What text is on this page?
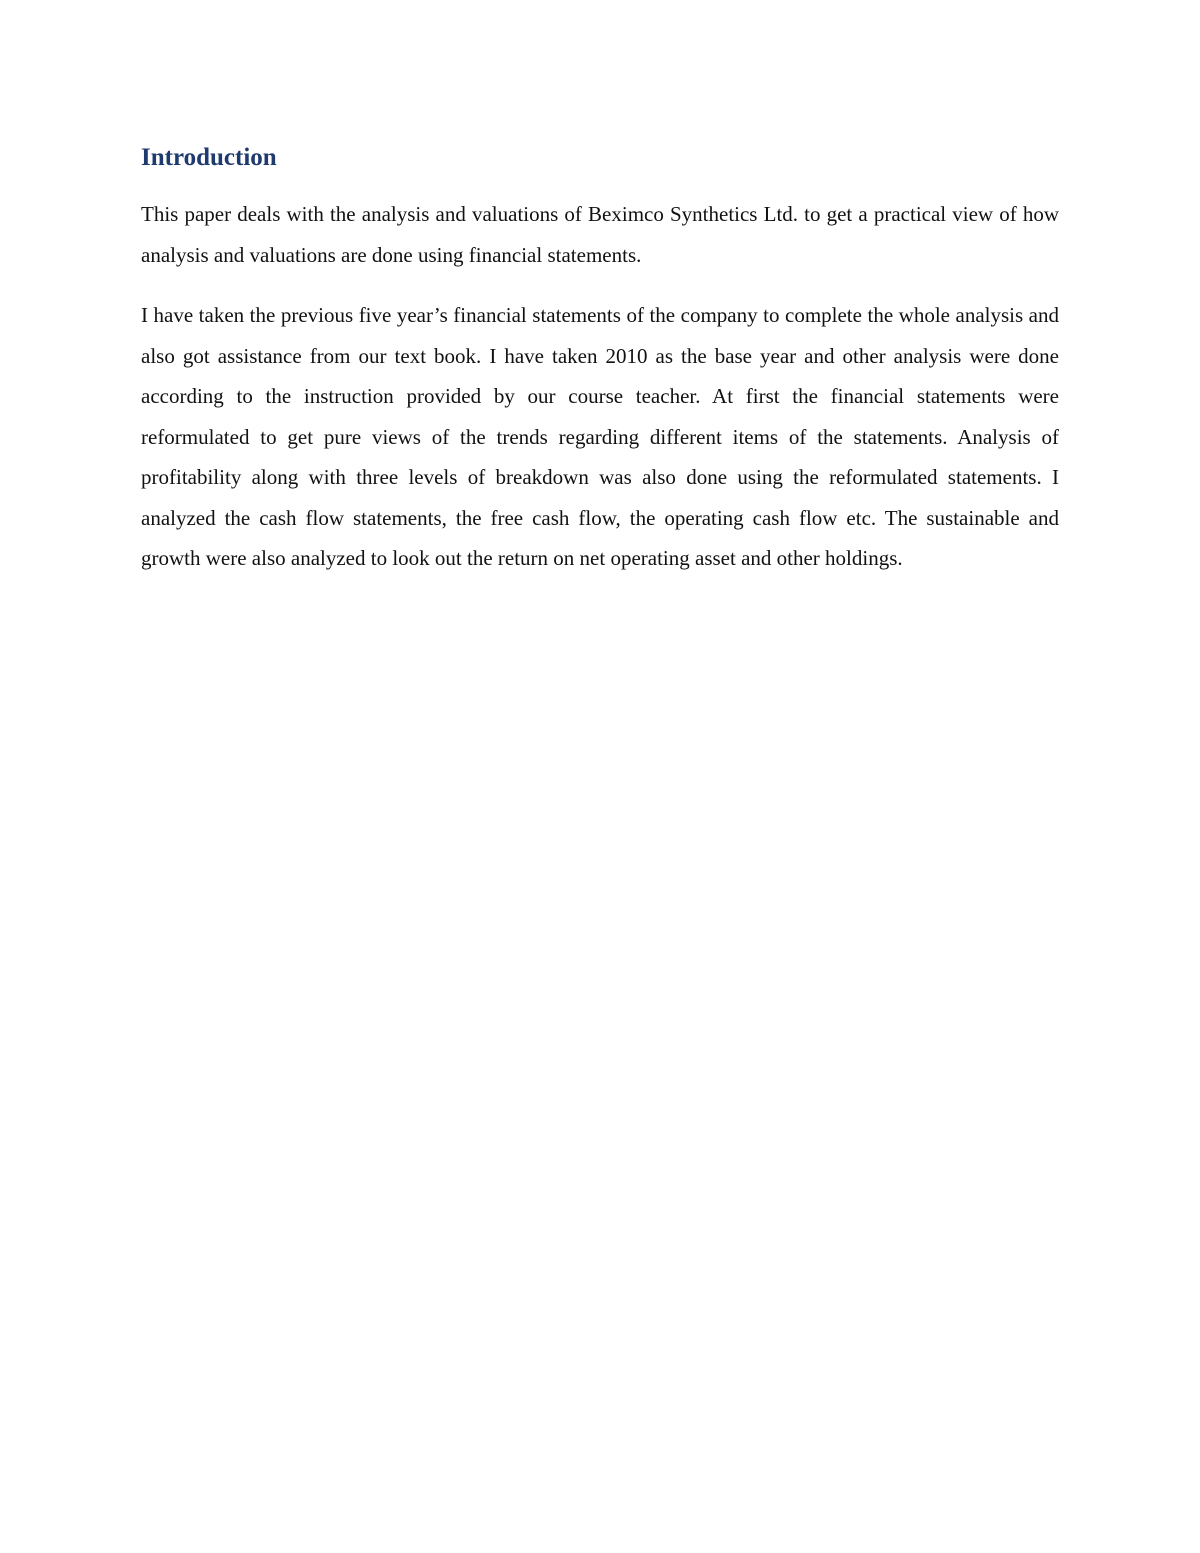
Introduction

This paper deals with the analysis and valuations of Beximco Synthetics Ltd. to get a practical view of how analysis and valuations are done using financial statements.

I have taken the previous five year’s financial statements of the company to complete the whole analysis and also got assistance from our text book. I have taken 2010 as the base year and other analysis were done according to the instruction provided by our course teacher. At first the financial statements were reformulated to get pure views of the trends regarding different items of the statements. Analysis of profitability along with three levels of breakdown was also done using the reformulated statements. I analyzed the cash flow statements, the free cash flow, the operating cash flow etc. The sustainable and growth were also analyzed to look out the return on net operating asset and other holdings.
